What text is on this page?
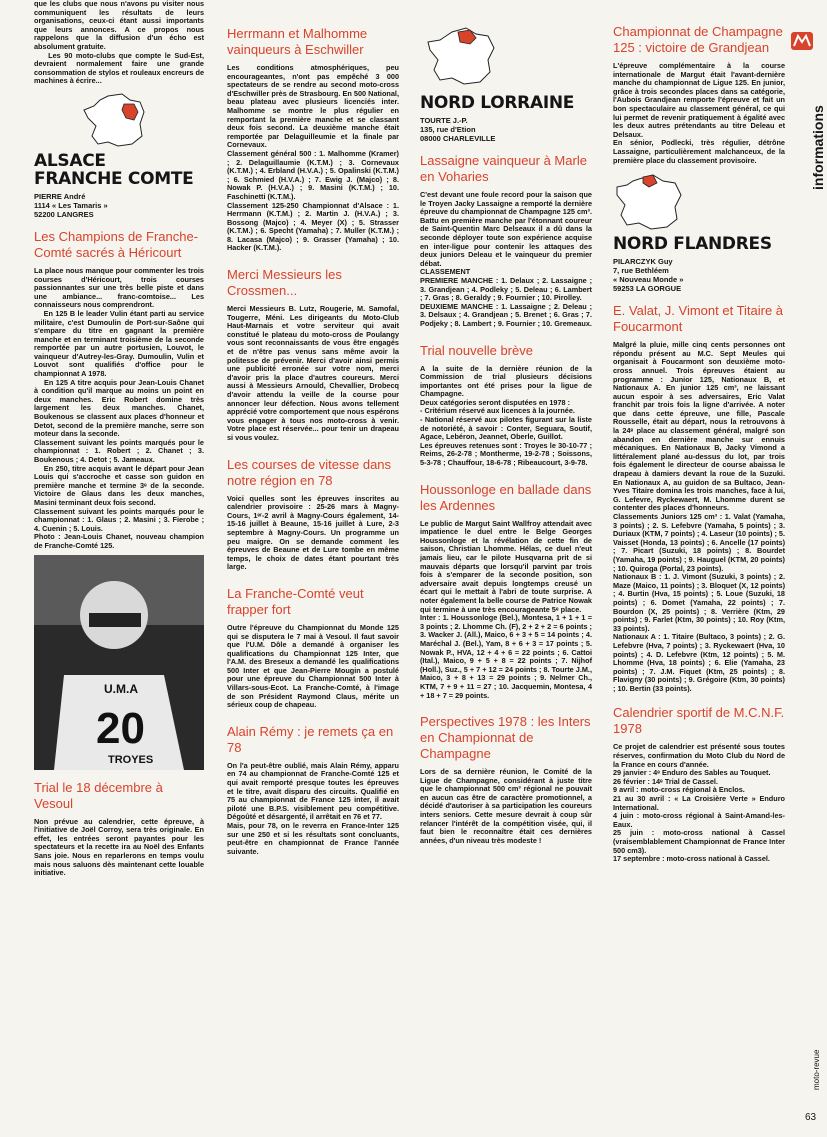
que les clubs que nous n'avons pu visiter nous communiquent les résultats de leurs organisations, ceux-ci étant aussi importants que leurs annonces. A ce propos nous rappelons que la diffusion d'un écho est absolument gratuite.
Les 90 moto-clubs que compte le Sud-Est, devraient normalement faire une grande consommation de stylos et rouleaux encreurs de machines à écrire...

ALSACE

FRANCHE COMTE

PIERRE André
1114 « Les Tamaris »
52200 LANGRES

Les Champions de Franche-Comté sacrés à Héricourt

La place nous manque pour commenter les trois courses d'Héricourt, trois courses passionnantes sur une très belle piste et dans une ambiance... franc-comtoise... Les connaisseurs nous comprendront.
En 125 B le leader Vulin étant parti au service militaire, c'est Dumoulin de Port-sur-Saône qui s'empare du titre en gagnant la première manche et en terminant troisième de la seconde remportée par un autre portusien, Louvot, le vainqueur d'Autrey-les-Gray. Dumoulin, Vulin et Louvot sont qualifiés d'office pour le championnat A 1978.
En 125 A titre acquis pour Jean-Louis Chanet à condition qu'il marque au moins un point en deux manches. Eric Robert domine très largement les deux manches. Chanet, Boukenous se classent aux places d'honneur et Detot, second de la première manche, serre son moteur dans la seconde.
Classement suivant les points marqués pour le championnat : 1. Robert ; 2. Chanet ; 3. Boukenous ; 4. Detot ; 5. Jameaux.
En 250, titre acquis avant le départ pour Jean Louis qui s'accroche et casse son guidon en première manche et termine 3ᵉ de la seconde. Victoire de Glaus dans les deux manches, Masini terminant deux fois second.
Classement suivant les points marqués pour le championnat : 1. Glaus ; 2. Masini ; 3. Fierobe ; 4. Cuenin ; 5. Louis.
Photo : Jean-Louis Chanet, nouveau champion de Franche-Comté 125.

U.M.A
20
TROYES
Trial le 18 décembre à Vesoul

Non prévue au calendrier, cette épreuve, à l'initiative de Joël Corroy, sera très originale. En effet, les entrées seront payantes pour les spectateurs et la recette ira au Noël des Enfants Sans joie. Nous en reparlerons en temps voulu mais nous saluons dès maintenant cette louable initiative.

Herrmann et Malhomme vainqueurs à Eschwiller

Les conditions atmosphériques, peu encourageantes, n'ont pas empêché 3 000 spectateurs de se rendre au second moto-cross d'Eschwiller près de Strasbourg. En 500 National, beau plateau avec plusieurs licenciés inter. Malhomme se montre le plus régulier en remportant la première manche et se classant deux fois second. La deuxième manche était remportée par Delaguilleumie et la finale par Cornevaux.
Classement général 500 : 1. Malhomme (Kramer) ; 2. Delaguillaumie (K.T.M.) ; 3. Cornevaux (K.T.M.) ; 4. Erbland (H.V.A.) ; 5. Opalinski (K.T.M.) ; 6. Schmied (H.V.A.) ; 7. Ewig J. (Majco) ; 8. Nowak P. (H.V.A.) ; 9. Masini (K.T.M.) ; 10. Faschinetti (K.T.M.).
Classement 125-250 Championnat d'Alsace : 1. Herrmann (K.T.M.) ; 2. Martin J. (H.V.A.) ; 3. Bossong (Majco) ; 4. Meyer (X) ; 5. Strasser (K.T.M.) ; 6. Specht (Yamaha) ; 7. Muller (K.T.M.) ; 8. Lacasa (Majco) ; 9. Grasser (Yamaha) ; 10. Hacker (K.T.M.).

Merci Messieurs les Crossmen...

Merci Messieurs B. Lutz, Rougerie, M. Samofal, Tougerre, Méni. Les dirigeants du Moto-Club Haut-Marnais et votre serviteur qui avait constitué le plateau du moto-cross de Poulangy vous sont reconnaissants de vous être engagés et de n'être pas venus sans même avoir la politesse de prévenir. Merci d'avoir ainsi permis une publicité erronée sur votre nom, merci d'avoir pris la place d'autres coureurs. Merci aussi à Messieurs Arnould, Chevallier, Drobecq d'avoir attendu la veille de la course pour annoncer leur défection. Nous avons tellement apprécié votre comportement que nous espérons vous engager à tous nos moto-cross à venir. Votre place est réservée... pour tenir un drapeau si vous voulez.

Les courses de vitesse dans notre région en 78

Voici quelles sont les épreuves inscrites au calendrier provisoire : 25-26 mars à Magny-Cours, 1ᵉʳ-2 avril à Magny-Cours également, 14-15-16 juillet à Beaune, 15-16 juillet à Lure, 2-3 septembre à Magny-Cours. Un programme un peu maigre. On se demande comment les épreuves de Beaune et de Lure tombe en même temps, le choix de dates étant pourtant très large.

La Franche-Comté veut frapper fort

Outre l'épreuve du Championnat du Monde 125 qui se disputera le 7 mai à Vesoul. Il faut savoir que l'U.M. Dôle a demandé à organiser les qualifications du Championnat 125 Inter, que l'A.M. des Breseux a demandé les qualifications 500 Inter et que Jean-Pierre Mougin a postulé pour une épreuve du Championnat 500 Inter à Villars-sous-Ecot. La Franche-Comté, à l'image de son Président Raymond Claus, mérite un sérieux coup de chapeau.

Alain Rémy : je remets ça en 78

On l'a peut-être oublié, mais Alain Rémy, apparu en 74 au championnat de Franche-Comté 125 et qui avait remporté presque toutes les épreuves et le titre, avait disparu des circuits. Qualifié en 75 au championnat de France 125 inter, il avait piloté une B.P.S. visiblement peu compétitive. Dégoûté et désargenté, il arrêtait en 76 et 77.
Mais, pour 78, on le reverra en France-Inter 125 sur une 250 et si les résultats sont concluants, peut-être en championnat de France l'année suivante.

NORD LORRAINE

TOURTE J.-P.
135, rue d'Etion
08000 CHARLEVILLE

Lassaigne vainqueur à Marle en Voharies

C'est devant une foule record pour la saison que le Troyen Jacky Lassaigne a remporté la dernière épreuve du championnat de Champagne 125 cm³. Battu en première manche par l'étonnant coureur de Saint-Quentin Marc Delseaux il a dû dans la seconde déployer toute son expérience acquise en inter-ligue pour contenir les attaques des deux juniors Deleau et le vainqueur du premier débat.
CLASSEMENT
PREMIERE MANCHE : 1. Delaux ; 2. Lassaigne ; 3. Grandjean ; 4. Podleky ; 5. Deleau ; 6. Lambert ; 7. Gras ; 8. Geraldy ; 9. Fournier ; 10. Pirolley.
DEUXIEME MANCHE : 1. Lassaigne ; 2. Deleau ; 3. Delsaux ; 4. Grandjean ; 5. Brenet ; 6. Gras ; 7. Podjeky ; 8. Lambert ; 9. Fournier ; 10. Gremeaux.

Trial nouvelle brève

A la suite de la dernière réunion de la Commission de trial plusieurs décisions importantes ont été prises pour la ligue de Champagne.
Deux catégories seront disputées en 1978 :
- Critérium réservé aux licences à la journée.
- National réservé aux pilotes figurant sur la liste de notoriété, à savoir : Conter, Seguara, Soutif, Agace, Lebéron, Jeannet, Oberle, Guillot.
Les épreuves retenues sont : Troyes le 30-10-77 ; Reims, 26-2-78 ; Montherme, 19-2-78 ; Soissons, 5-3-78 ; Chauffour, 18-6-78 ; Ribeaucourt, 3-9-78.

Houssonloge en ballade dans les Ardennes

Le public de Margut Saint Wallfroy attendait avec impatience le duel entre le Belge Georges Houssonloge et la révélation de cette fin de saison, Christian Lhomme. Hélas, ce duel n'eut jamais lieu, car le pilote Husqvarna prit de si mauvais départs que lorsqu'il parvint par trois fois à s'emparer de la seconde position, son adversaire avait depuis longtemps creusé un écart qui le mettait à l'abri de toute surprise. A noter également la belle course de Patrice Nowak qui termine à une très encourageante 5ᵉ place.
Inter : 1. Houssonloge (Bel.), Montesa, 1 + 1 + 1 = 3 points ; 2. Lhomme Ch. (F), 2 + 2 + 2 = 6 points ; 3. Wacker J. (All.), Maico, 6 + 3 + 5 = 14 points ; 4. Maréchal J. (Bel.), Yam, 8 + 6 + 3 = 17 points ; 5. Nowak P., HVA, 12 + 4 + 6 = 22 points ; 6. Cattoi (Ital.), Maico, 9 + 5 + 8 = 22 points ; 7. Nijhof (Holl.), Suz., 5 + 7 + 12 = 24 points ; 8. Tourte J.M., Maico, 3 + 8 + 13 = 29 points ; 9. Nelmer Ch., KTM, 7 + 9 + 11 = 27 ; 10. Jacquemin, Montesa, 4 + 18 + 7 = 29 points.

Perspectives 1978 : les Inters en Championnat de Champagne

Lors de sa dernière réunion, le Comité de la Ligue de Champagne, considérant à juste titre que le championnat 500 cm³ régional ne pouvait en aucun cas être de caractère promotionnel, a décidé d'autoriser à sa participation les coureurs inters seniors. Cette mesure devrait à coup sûr relancer l'intérêt de la compétition visée, qui, il faut bien le reconnaître était ces dernières années, d'un niveau très modeste !

Championnat de Champagne 125 : victoire de Grandjean

L'épreuve complémentaire à la course internationale de Margut était l'avant-dernière manche du championnat de Ligue 125. En junior, grâce à trois secondes places dans sa catégorie, l'Aubois Grandjean remporte l'épreuve et fait un bon spectaculaire au classement général, ce qui lui permet de revenir pratiquement à égalité avec les deux autres prétendants au titre Deleau et Delsaux.
En sénior, Podlecki, très régulier, détrône Lassaigne, particulièrement malchanceux, de la première place du classement provisoire.

NORD FLANDRES

PILARCZYK Guy
7, rue Bethléem
« Nouveau Monde »
59253 LA GORGUE

E. Valat, J. Vimont et Titaire à Foucarmont

Malgré la pluie, mille cinq cents personnes ont répondu présent au M.C. Sept Meules qui organisait à Foucarmont son deuxième moto-cross annuel. Trois épreuves étaient au programme : Junior 125, Nationaux B, et Nationaux A. En junior 125 cm³, ne laissant aucun espoir à ses adversaires, Eric Valat franchit par trois fois la ligne d'arrivée. A noter que dans cette épreuve, une fille, Pascale Rousselle, était au départ, nous la retrouvons à la 24ᵉ place au classement général, malgré son abandon en dernière manche sur ennuis mécaniques. En Nationaux B, Jacky Vimond a littéralement plané au-dessus du lot, par trois fois également le directeur de course abaissa le drapeau à damiers devant la roue de la Suzuki. En Nationaux A, au guidon de sa Bultaco, Jean-Yves Titaire domina les trois manches, face à lui, G. Lefevre, Ryckewaert, M. Lhomme durent se contenter des places d'honneurs.
Classements Juniors 125 cm³ : 1. Valat (Yamaha, 3 points) ; 2. S. Lefebvre (Yamaha, 5 points) ; 3. Duriaux (KTM, 7 points) ; 4. Laseur (10 points) ; 5. Vaisset (Honda, 13 points) ; 6. Ancelle (17 points) ; 7. Picart (Suzuki, 18 points) ; 8. Bourdet (Yamaha, 19 points) ; 9. Hauguel (KTM, 20 points) ; 10. Quiroga (Portal, 23 points).
Nationaux B : 1. J. Vimont (Suzuki, 3 points) ; 2. Maze (Maico, 11 points) ; 3. Bloquet (X, 12 points) ; 4. Burtin (Hva, 15 points) ; 5. Loue (Suzuki, 18 points) ; 6. Domet (Yamaha, 22 points) ; 7. Bourdon (X, 25 points) ; 8. Verrière (Ktm, 29 points) ; 9. Farlet (Ktm, 30 points) ; 10. Roy (Ktm, 33 points).
Nationaux A : 1. Titaire (Bultaco, 3 points) ; 2. G. Lefebvre (Hva, 7 points) ; 3. Ryckewaert (Hva, 10 points) ; 4. D. Lefebvre (Ktm, 12 points) ; 5. M. Lhomme (Hva, 18 points) ; 6. Elie (Yamaha, 23 points) ; 7. J.M. Fiquet (Ktm, 25 points) ; 8. Flavigny (30 points) ; 9. Grégoire (Ktm, 30 points) ; 10. Bertin (33 points).

Calendrier sportif de M.C.N.F. 1978

Ce projet de calendrier est présenté sous toutes réserves, confirmation du Moto Club du Nord de la France en cours d'année.
29 janvier : 4ᵉ Enduro des Sables au Touquet.
26 février : 14ᵉ Trial de Cassel.
9 avril : moto-cross régional à Enclos.
21 au 30 avril : « La Croisière Verte » Enduro International.
4 juin : moto-cross régional à Saint-Amand-les-Eaux.
25 juin : moto-cross national à Cassel (vraisemblablement Championnat de France Inter 500 cm3).
17 septembre : moto-cross national à Cassel.

informations
moto-revue
63
